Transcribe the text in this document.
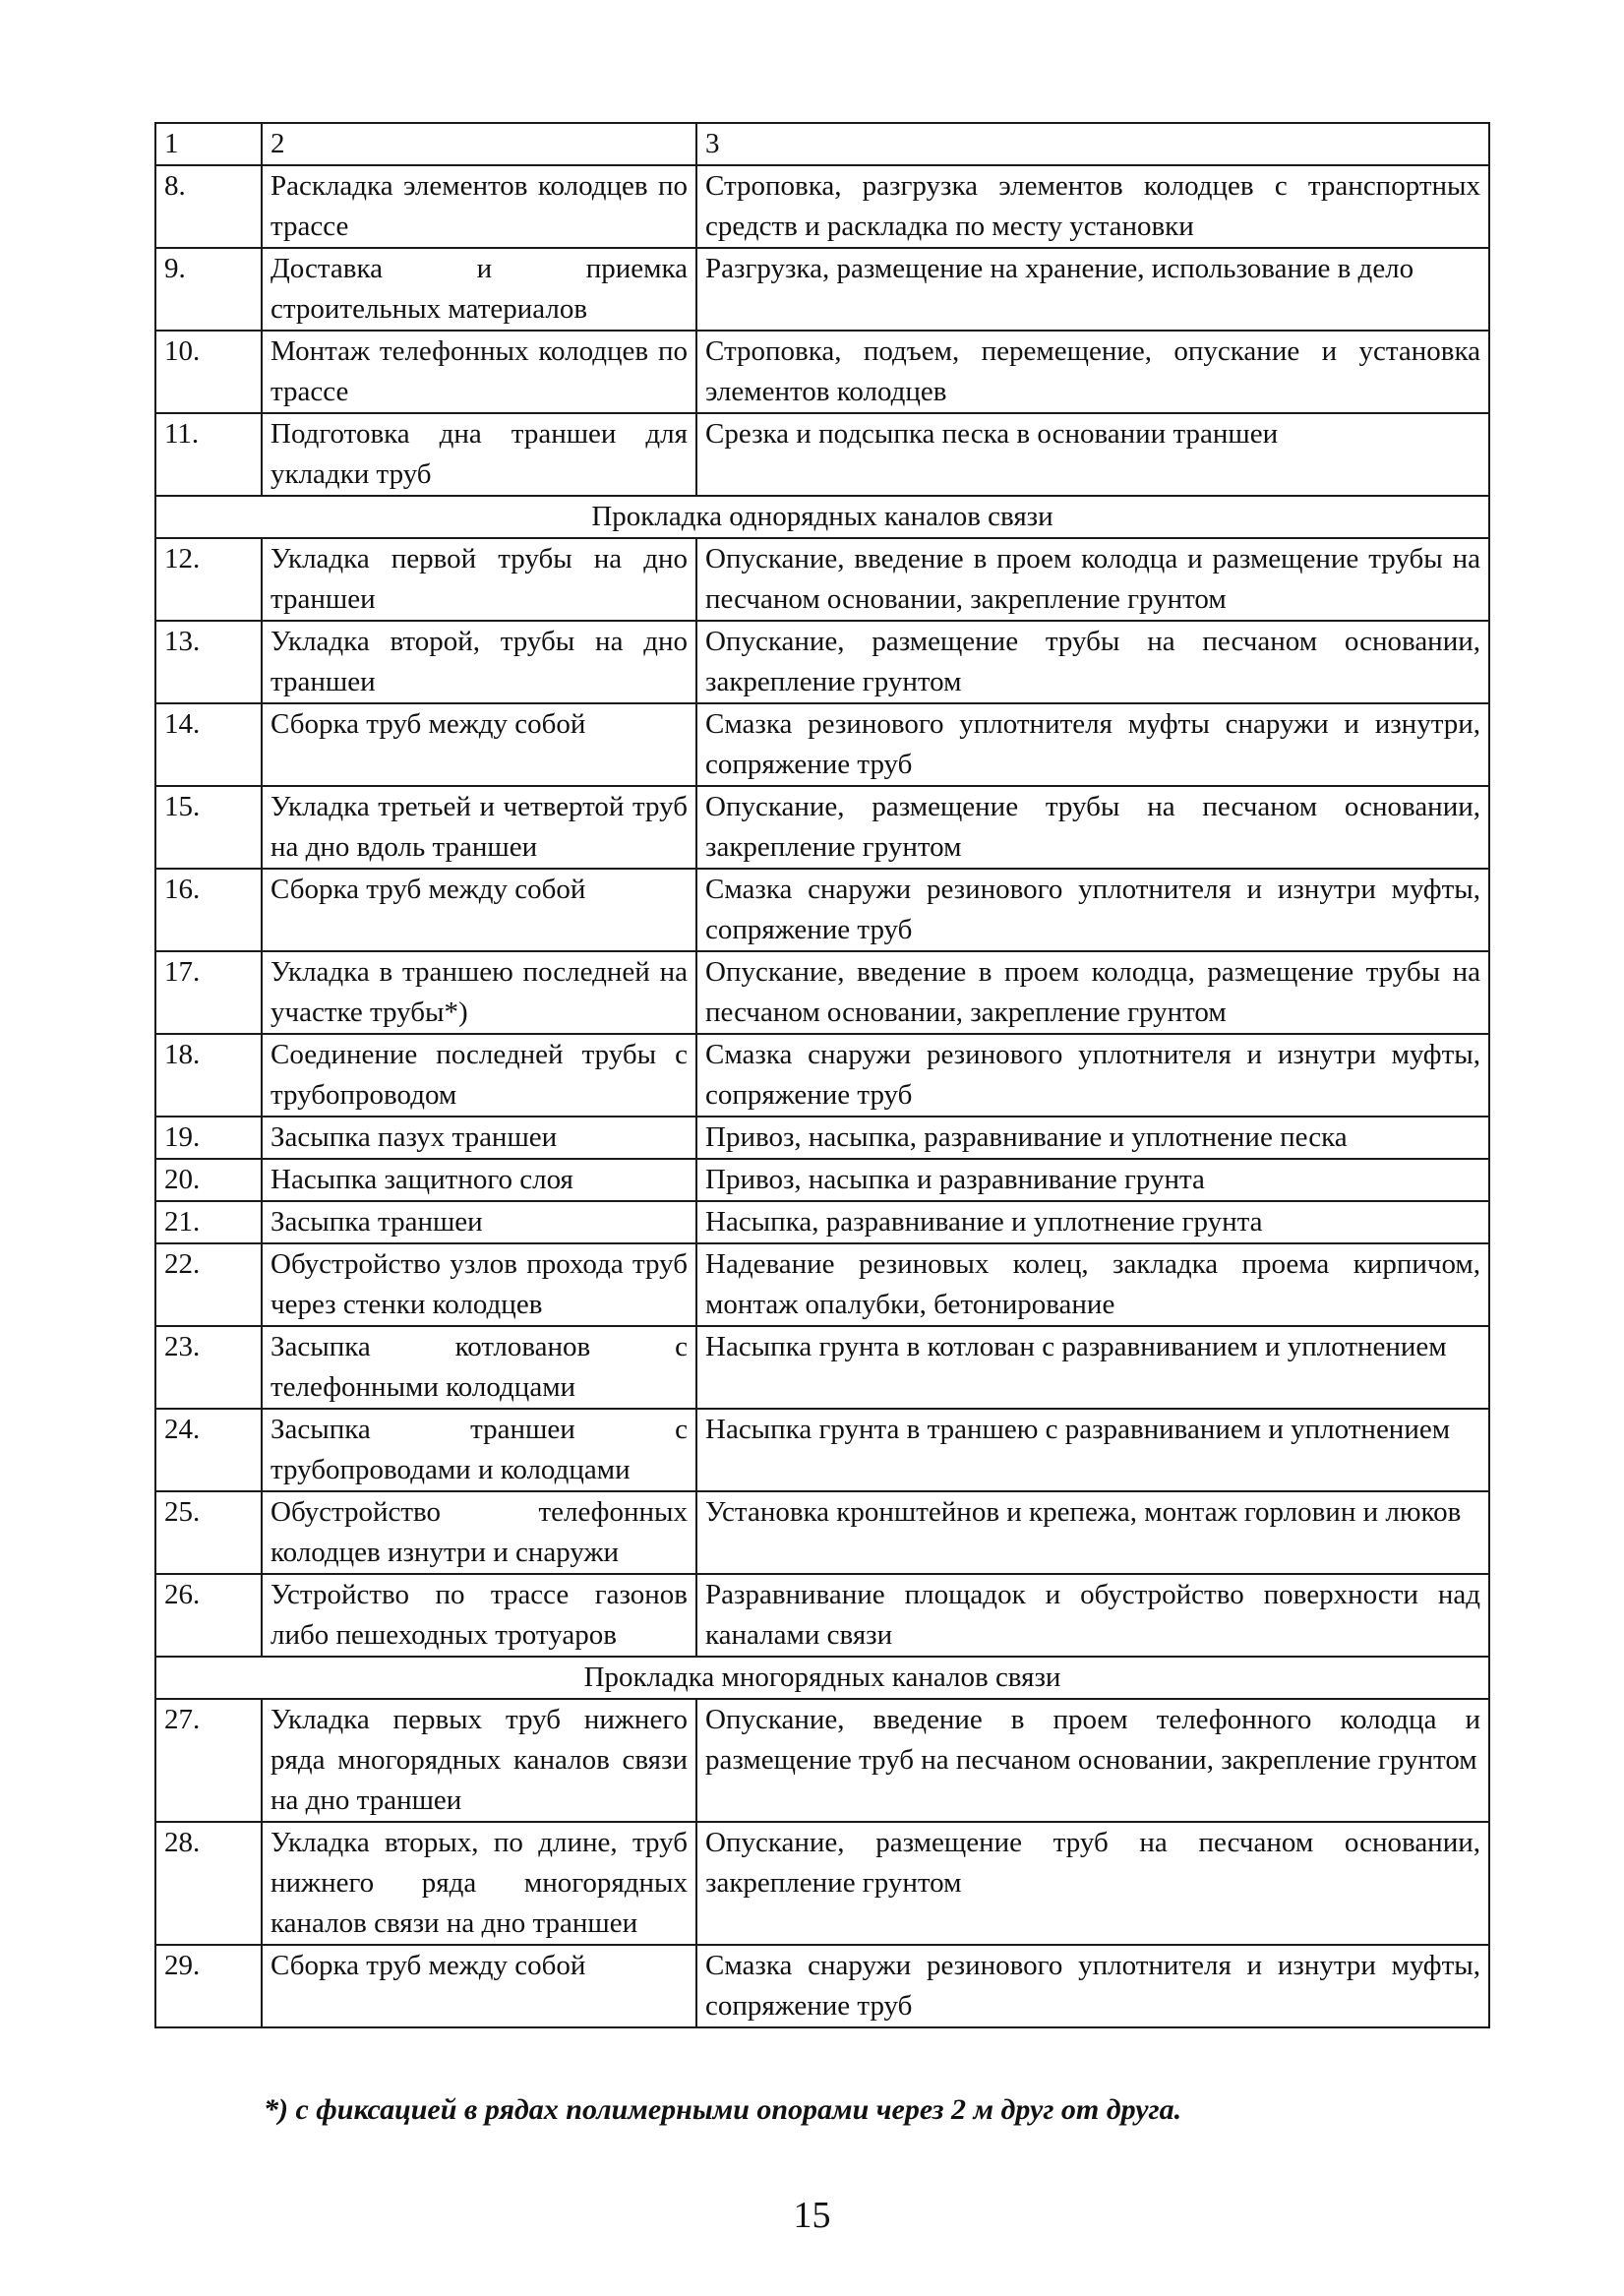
1	2	3
8.	Раскладка элементов колодцев по трассе	Строповка, разгрузка элементов колодцев с транспортных средств и раскладка по месту установки
9.	Доставка и приемка строительных материалов	Разгрузка, размещение на хранение, использование в дело
10.	Монтаж телефонных колодцев по трассе	Строповка, подъем, перемещение, опускание и установка элементов колодцев
11.	Подготовка дна траншеи для укладки труб	Срезка и подсыпка песка в основании траншеи
Прокладка однорядных каналов связи		
12.	Укладка первой трубы на дно траншеи	Опускание, введение в проем колодца и размещение трубы на песчаном основании, закрепление грунтом
13.	Укладка второй, трубы на дно траншеи	Опускание, размещение трубы на песчаном основании, закрепление грунтом
14.	Сборка труб между собой	Смазка резинового уплотнителя муфты снаружи и изнутри, сопряжение труб
15.	Укладка третьей и четвертой труб на дно вдоль траншеи	Опускание, размещение трубы на песчаном основании, закрепление грунтом
16.	Сборка труб между собой	Смазка снаружи резинового уплотнителя и изнутри муфты, сопряжение труб
17.	Укладка в траншею последней на участке трубы*)	Опускание, введение в проем колодца, размещение трубы на песчаном основании, закрепление грунтом
18.	Соединение последней трубы с трубопроводом	Смазка снаружи резинового уплотнителя и изнутри муфты, сопряжение труб
19.	Засыпка пазух траншеи	Привоз, насыпка, разравнивание и уплотнение песка
20.	Насыпка защитного слоя	Привоз, насыпка и разравнивание грунта
21.	Засыпка траншеи	Насыпка, разравнивание и уплотнение грунта
22.	Обустройство узлов прохода труб через стенки колодцев	Надевание резиновых колец, закладка проема кирпичом, монтаж опалубки, бетонирование
23.	Засыпка котлованов с телефонными колодцами	Насыпка грунта в котлован с разравниванием и уплотнением
24.	Засыпка траншеи с трубопроводами и колодцами	Насыпка грунта в траншею с разравниванием и уплотнением
25.	Обустройство телефонных колодцев изнутри и снаружи	Установка кронштейнов и крепежа, монтаж горловин и люков
26.	Устройство по трассе газонов либо пешеходных тротуаров	Разравнивание площадок и обустройство поверхности над каналами связи
Прокладка многорядных каналов связи		
27.	Укладка первых труб нижнего ряда многорядных каналов связи на дно траншеи	Опускание, введение в проем телефонного колодца и размещение труб на песчаном основании, закрепление грунтом
28.	Укладка вторых, по длине, труб нижнего ряда многорядных каналов связи на дно траншеи	Опускание, размещение труб на песчаном основании, закрепление грунтом
29.	Сборка труб между собой	Смазка снаружи резинового уплотнителя и изнутри муфты, сопряжение труб
*) с фиксацией в рядах полимерными опорами через 2 м друг от друга.
15
